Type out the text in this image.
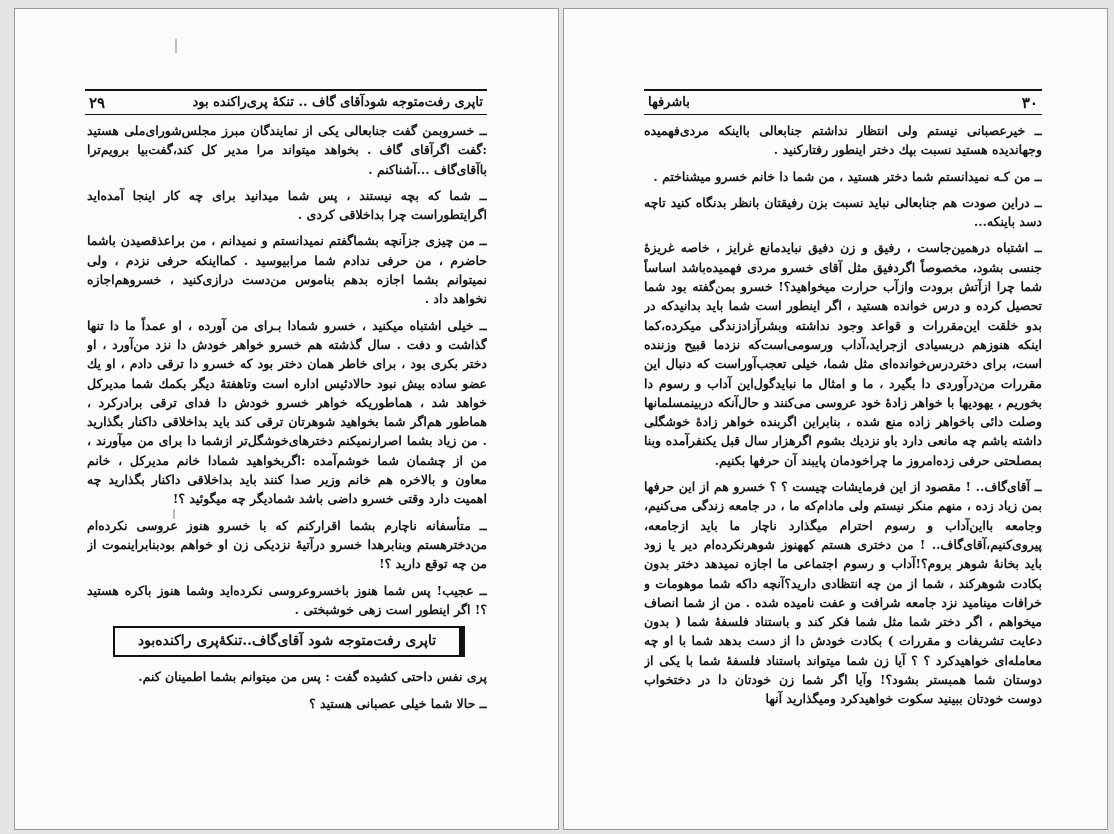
تاپری رفت‌متوجه شودآقای گاف .. تنکهٔ پری‌راکنده بود
۲۹

ــ خسروبمن گفت جنابعالی یکی از نمایندگان مبرز مجلس‌شورای‌ملی هستید :گفت اگرآقای گاف . بخواهد میتواند مرا مدیر کل کند،گفت‌بیا برویم‌ترا باآقای‌گاف ...آشناکنم .

ــ شما که بچه نیستند ، پس شما میدانید برای چه کار اینجا آمده‌اید اگرایتطوراست چرا بداخلاقی کردی .

ــ من چیزی جزآنچه بشماگفتم نمیدانستم و نمیدانم ، من براعذقصیدن باشما حاضرم ، من حرفی ندادم شما مرابیوسید . کمااینکه حرفی نزدم ، ولی نمیتوانم بشما اجازه بدهم بناموس من‌دست درازی‌کنید ، خسروهم‌اجازه نخواهد داد .

ــ خیلی اشتباه میکنید ، خسرو شمادا بـرای من آورده ، او عمداً ما دا تنها گذاشت و دفت . سال گذشته هم خسرو خواهر خودش دا نزد من‌آورد ، او دختر بکری بود ، برای خاطر همان دختر بود که خسرو دا ترقی دادم ، او یك عضو ساده بیش نبود حالادئیس اداره است وتاهفتهٔ دیگر بکمك شما مدیرکل خواهد شد ، هماطوریکه خواهر خسرو خودش دا فدای ترقی برادرکرد ، هماطور هم‌اگر شما بخواهید شوهرتان ترقی کند باید بداخلاقی داکنار بگذارید . من زیاد بشما اصرارنمیکنم دخترهای‌خوشگل‌تر ازشما دا برای من میآورند ، من از چشمان شما خوشم‌آمده :اگربخواهید شمادا خانم مدیرکل ، خانم معاون و بالاخره هم خانم وزیر صدا کنند باید بداخلاقی داکنار بگذارید چه اهمیت دارد وقتی خسرو داضی باشد شمادیگر چه میگوئید ؟!

ــ متأسفانه ناچارم بشما اقرارکنم که با خسرو هنوز عروسی نکرده‌ام من‌دخترهستم وبنابرهدا خسرو درآتیهٔ نزدیکی زن او خواهم بودبنابراینموت از من چه توقع دارید ؟!

ــ عجیب! پس شما هنوز باخسروعروسی نکرده‌اید وشما هنوز باکره هستید ؟! اگر اینطور است زهی خوشبختی .

تاپری رفت‌متوجه شود آقای‌گاف..تنکهٔ‌پری راکنده‌بود

پری نفس داحتی کشیده گفت : پس من میتوانم بشما اطمینان کنم.

ــ حالا شما خیلی عصبانی هستید ؟

۳۰
باشرفها

ــ خیرعصبانی نیستم ولی انتظار نداشتم جنابعالی بااینکه مردی‌فهمیده وجهاندیده هستید نسبت بپك دختر اینطور رفتارکنید .

ــ من کـه نمیدانستم شما دختر هستید ، من شما دا خانم خسرو میشناختم .

ــ دراین صودت هم جنابعالی نباید نسبت بزن رفیقتان بانظر بدنگاه کنید تاچه دسد باینکه...

ــ اشتباه درهمین‌جاست ، رفیق و زن دفیق نبایدمانع غرایز ، خاصه غریزهٔ جنسی بشود، مخصوصاً اگردفیق مثل آقای خسرو مردی فهمیده‌باشد اساساً شما چرا ازآتش برودت وازآب حرارت میخواهید؟! خسرو بمن‌گفته بود شما تحصیل کرده و درس خوانده هستید ، اگر اینطور است شما باید بدانیدکه در بدو خلقت این‌مقررات و قواعد وجود نداشته وبشرآزادزندگی میکرده،کما اینکه هنوزهم دربسیادی ازجراید،آداب ورسومی‌است‌که نزدما قبیح وزننده است، برای دختردرس‌خوانده‌ای مثل شما، خیلی تعجب‌آوراست که دنبال این مقررات من‌درآوردی دا بگیرد ، ما و امثال ما نبایدگول‌این آداب و رسوم دا بخوریم ، یهودیها با خواهر زادهٔ خود عروسی می‌کنند و حال‌آنکه دربینمسلمانها وصلت دائی باخواهر زاده منع شده ، بنابراین اگربنده خواهر زادهٔ خوشگلی داشته باشم چه مانعی دارد باو نزدیك بشوم اگرهزار سال قبل یکنفرآمده وبنا بمصلحتی حرفی زده‌امروز ما چراخودمان پایبند آن حرفها بکنیم.

ــ آقای‌گاف.. ! مقصود از این فرمایشات چیست ؟ ؟ خسرو هم از این حرفها بمن زیاد زده ، منهم منکر نیستم ولی مادام‌که ما ، در جامعه زندگی می‌کنیم، وجامعه بااین‌آداب و رسوم احترام میگذارد ناچار ما باید ازجامعه، پیروی‌کنیم،آقای‌گاف.. ! من دختری هستم کههنوز شوهرنکرده‌ام دیر یا زود باید بخانهٔ شوهر بروم؟!آداب و رسوم اجتماعی ما اجازه نمیدهد دختر بدون بکادت شوهرکند ، شما از من چه انتظادی دارید؟آنچه داکه شما موهومات و خرافات مینامید نزد جامعه شرافت و عفت نامیده شده . من از شما انصاف میخواهم ، اگر دختر شما مثل شما فکر کند و باستناد فلسفهٔ شما ( بدون دعایت تشریفات و مقررات ) بکادت خودش دا از دست بدهد شما با او چه معامله‌ای خواهیدکرد ؟ ؟ آیا زن شما میتواند باستناد فلسفهٔ شما با یکی از دوستان شما همبستر بشود؟! وآیا اگر شما زن خودتان دا در دختخواب دوست خودتان ببینید سکوت خواهیدکرد ومیگذارید آنها
